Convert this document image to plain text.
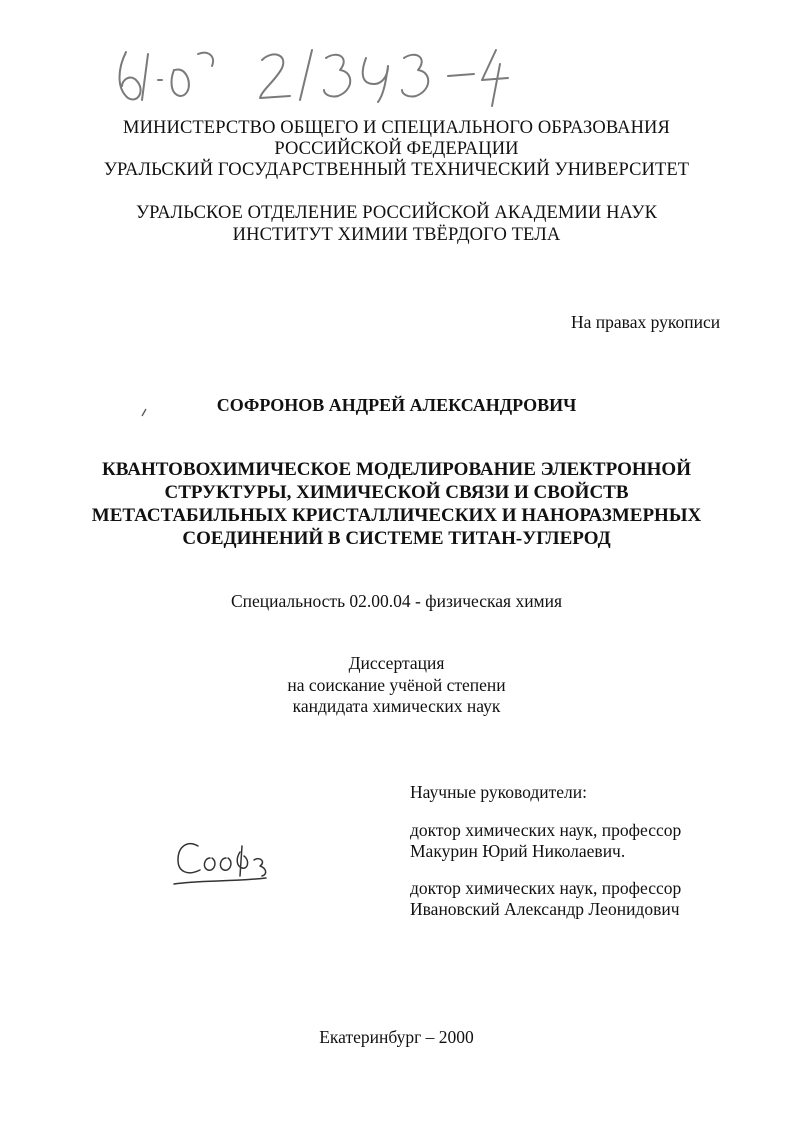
МИНИСТЕРСТВО ОБЩЕГО И СПЕЦИАЛЬНОГО ОБРАЗОВАНИЯ
РОССИЙСКОЙ ФЕДЕРАЦИИ
УРАЛЬСКИЙ ГОСУДАРСТВЕННЫЙ ТЕХНИЧЕСКИЙ УНИВЕРСИТЕТ
УРАЛЬСКОЕ ОТДЕЛЕНИЕ РОССИЙСКОЙ АКАДЕМИИ НАУК
ИНСТИТУТ ХИМИИ ТВЁРДОГО ТЕЛА
На правах рукописи
СОФРОНОВ АНДРЕЙ АЛЕКСАНДРОВИЧ
КВАНТОВОХИМИЧЕСКОЕ МОДЕЛИРОВАНИЕ ЭЛЕКТРОННОЙ
СТРУКТУРЫ, ХИМИЧЕСКОЙ СВЯЗИ И СВОЙСТВ
МЕТАСТАБИЛЬНЫХ КРИСТАЛЛИЧЕСКИХ И НАНОРАЗМЕРНЫХ
СОЕДИНЕНИЙ В СИСТЕМЕ ТИТАН-УГЛЕРОД
Специальность 02.00.04 - физическая химия
Диссертация
на соискание учёной степени
кандидата химических наук
Научные руководители:
доктор химических наук, профессор
Макурин Юрий Николаевич.
доктор химических наук, профессор
Ивановский Александр Леонидович
Екатеринбург – 2000
